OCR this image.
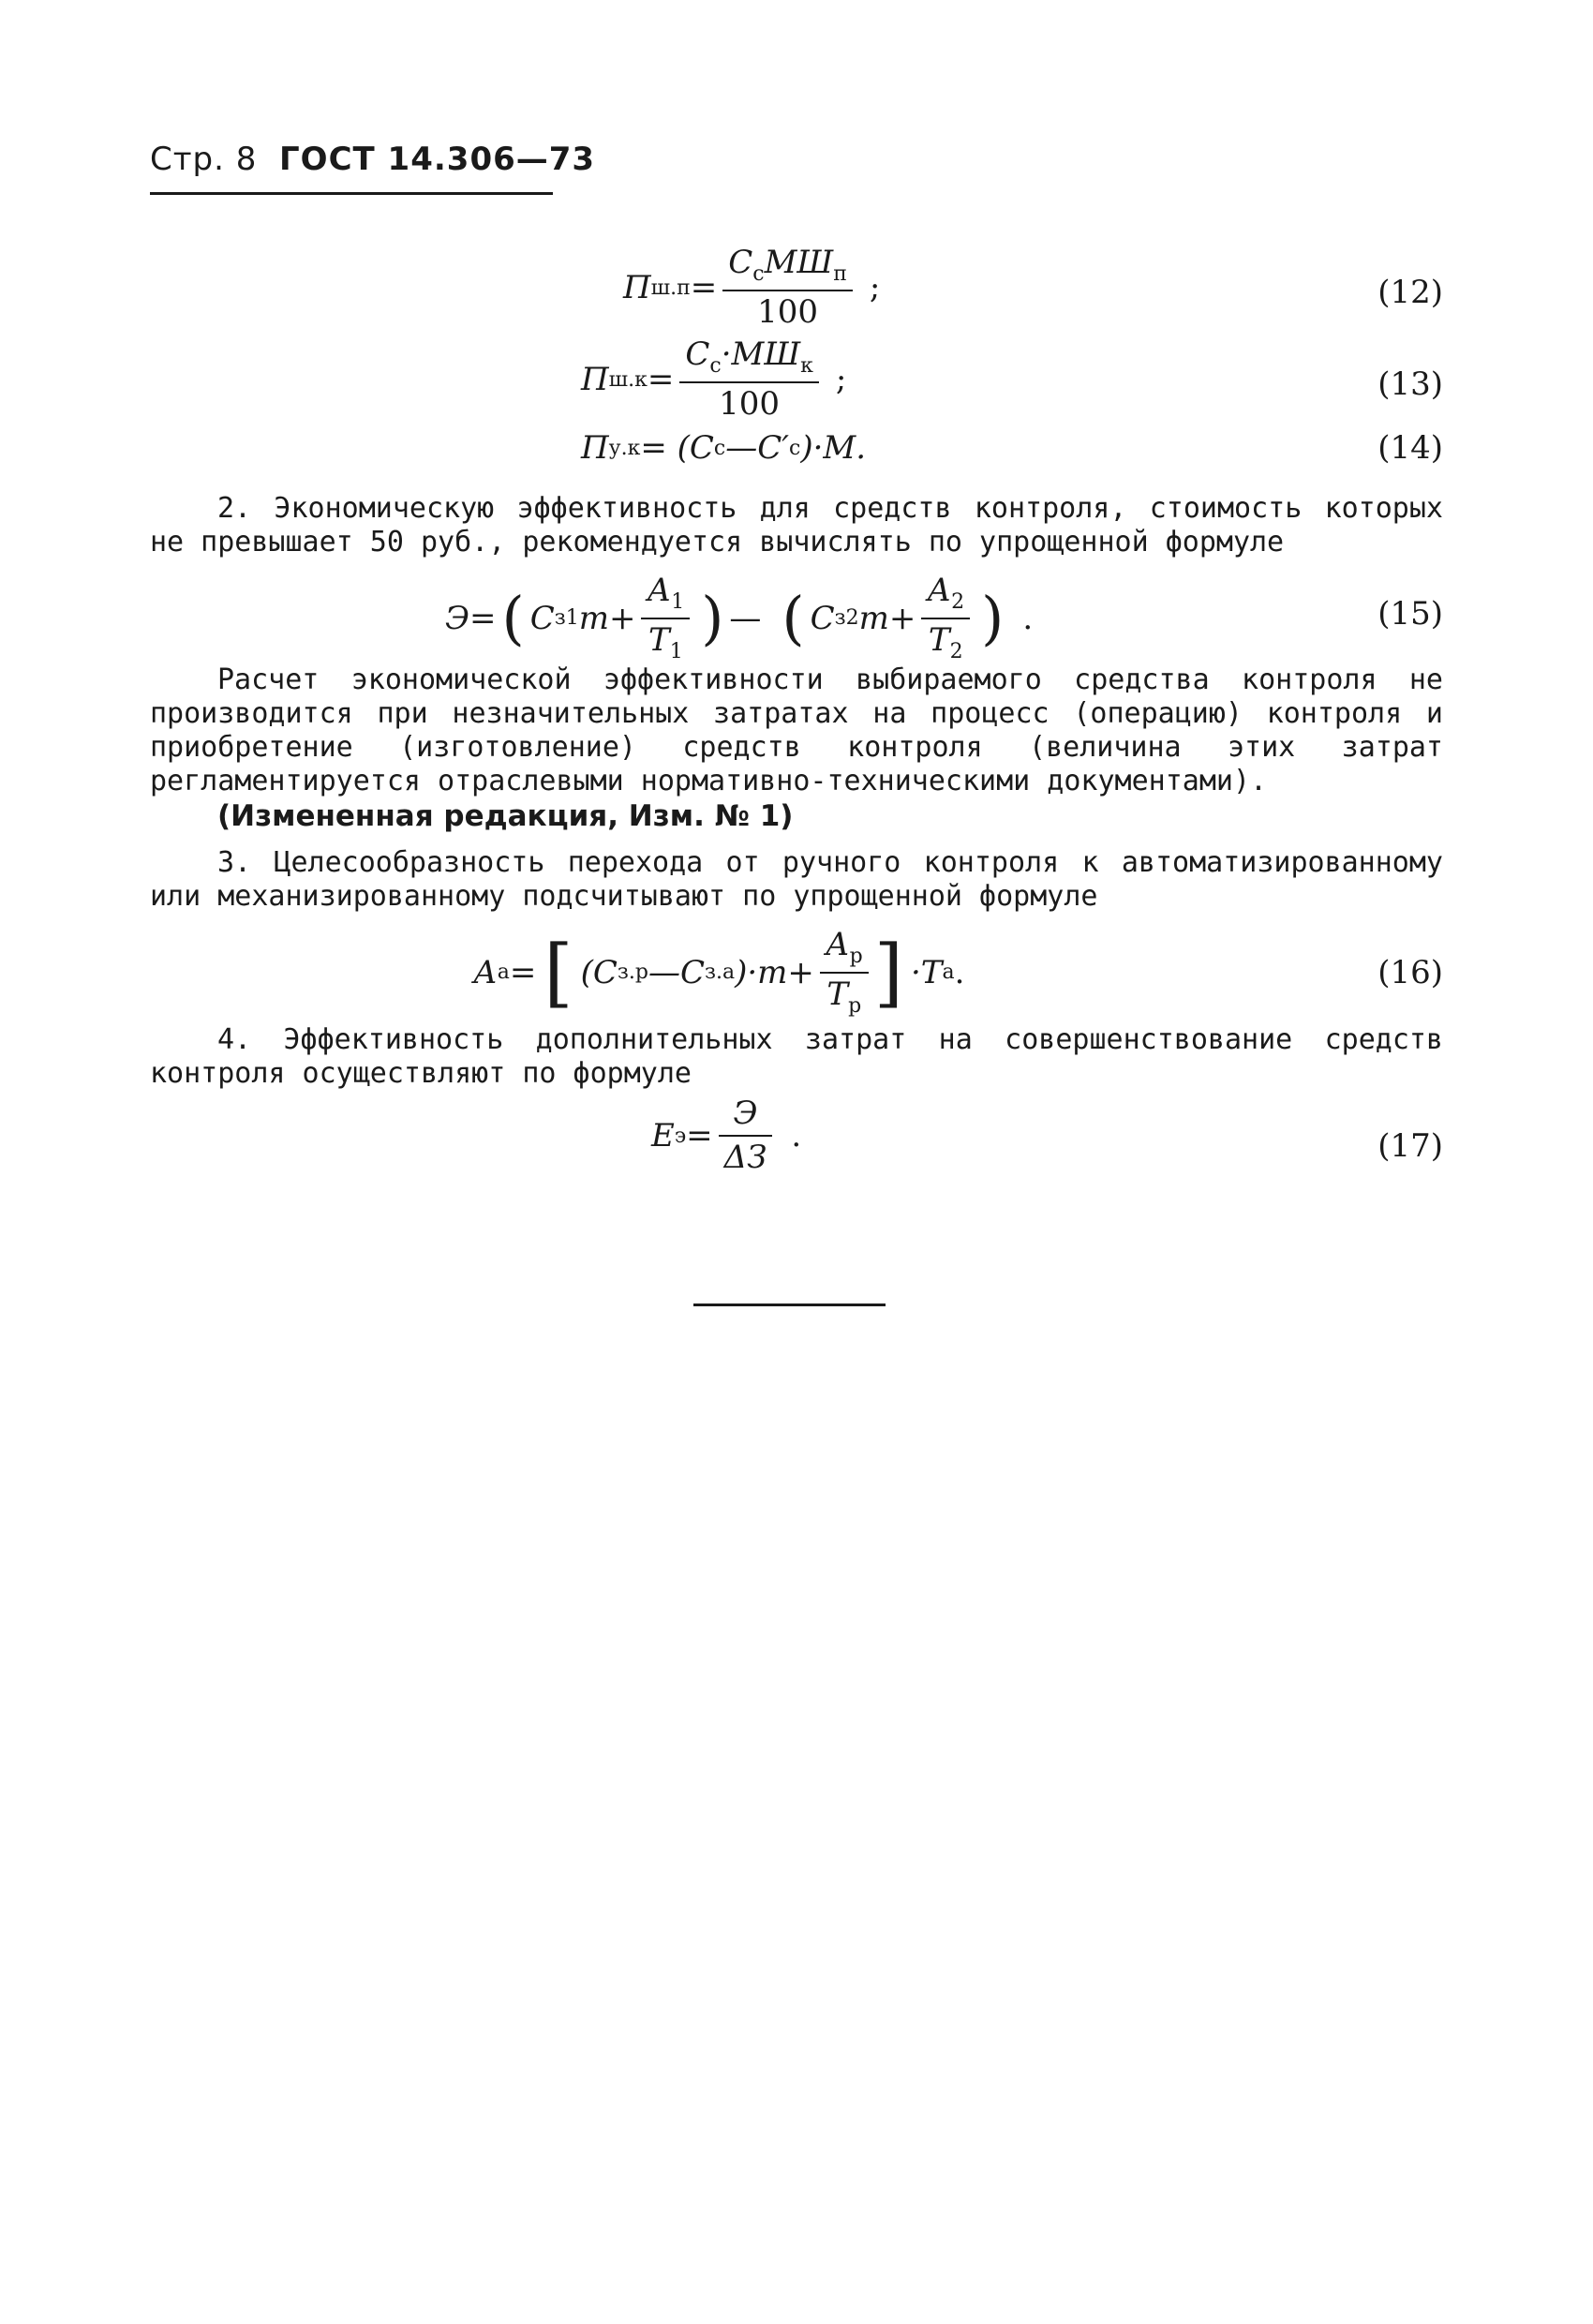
Стр. 8 ГОСТ 14.306—73
П $ш.п = \frac{С_сМШ_п}{100}$ ;	(12)
П $ш.к = \frac{С_с\cdot МШ_к}{100}$ ;	(13)
П у.к = (С с —С′ с )·М.	(14)
2. Экономическую эффективность для средств контроля, стоимость которых не превышает 50 руб., рекомендуется вычислять по упрощенной формуле
Э= ( С з1 $m+ \frac{А_1}{Т_1}$ ) — ( С з2 $m+ \frac{А_2}{Т_2}$ ) .	(15)
Расчет экономической эффективности выбираемого средства контроля не производится при незначительных затратах на процесс (операцию) контроля и приобретение (изготовление) средств контроля (величина этих затрат регламентируется отраслевыми нормативно-техническими документами).
(Измененная редакция, Изм. № 1)
3. Целесообразность перехода от ручного контроля к автоматизированному или механизированному подсчитывают по упрощенной формуле
А а = [ (С з.р —С з.а )$\cdot m+ \frac{А_р}{Т_р}$ ] ·Т а .	(16)
4. Эффективность дополнительных затрат на совершенствование средств контроля осуществляют по формуле
Е $э = \frac{Э}{\Delta З}$ .	(17)
